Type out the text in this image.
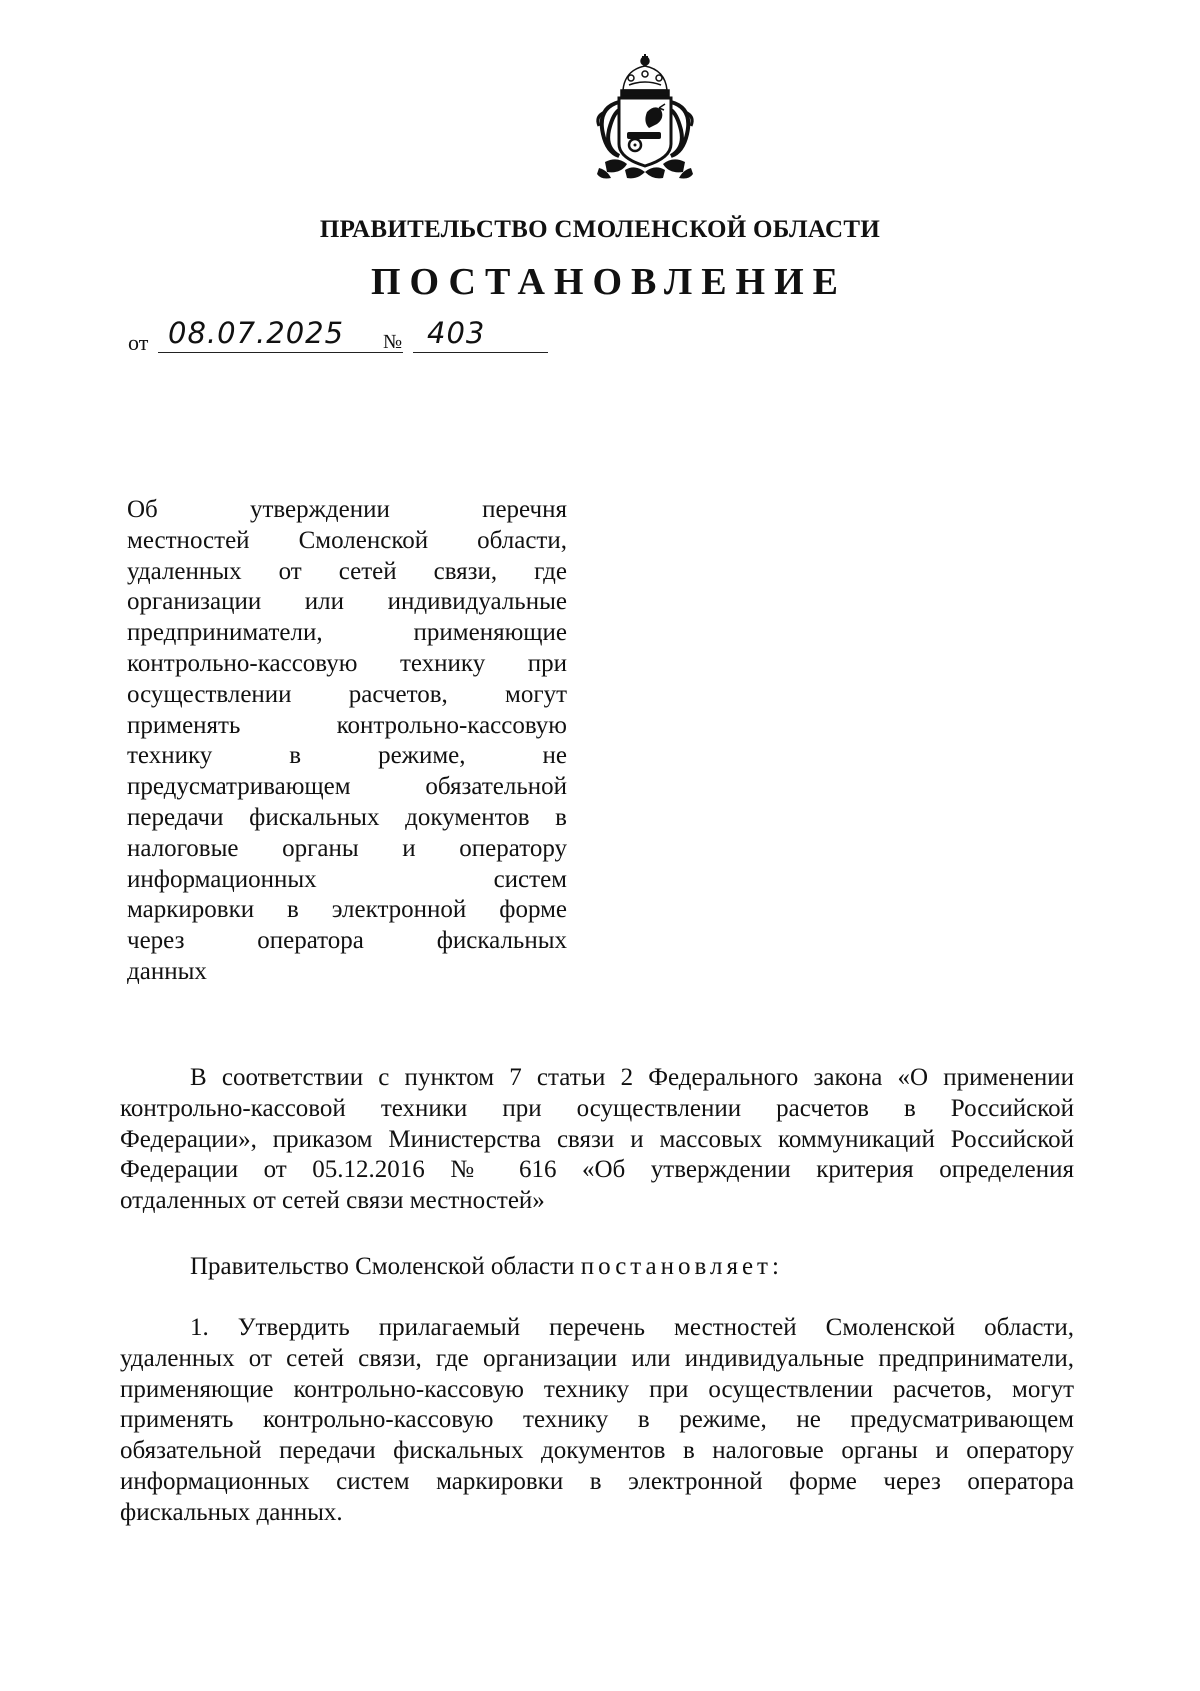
ПРАВИТЕЛЬСТВО СМОЛЕНСКОЙ ОБЛАСТИ
ПОСТАНОВЛЕНИЕ
от 08.07.2025 № 403
Об утверждении перечня
местностей Смоленской области,
удаленных от сетей связи, где
организации или индивидуальные
предприниматели, применяющие
контрольно-кассовую технику при
осуществлении расчетов, могут
применять контрольно-кассовую
технику в режиме, не
предусматривающем обязательной
передачи фискальных документов в
налоговые органы и оператору
информационных систем
маркировки в электронной форме
через оператора фискальных
данных
В соответствии с пунктом 7 статьи 2 Федерального закона «О применении
контрольно-кассовой техники при осуществлении расчетов в Российской
Федерации», приказом Министерства связи и массовых коммуникаций Российской
Федерации от 05.12.2016 № 616 «Об утверждении критерия определения
отдаленных от сетей связи местностей»
Правительство Смоленской области постановляет:
1. Утвердить прилагаемый перечень местностей Смоленской области,
удаленных от сетей связи, где организации или индивидуальные предприниматели,
применяющие контрольно-кассовую технику при осуществлении расчетов, могут
применять контрольно-кассовую технику в режиме, не предусматривающем
обязательной передачи фискальных документов в налоговые органы и оператору
информационных систем маркировки в электронной форме через оператора
фискальных данных.
